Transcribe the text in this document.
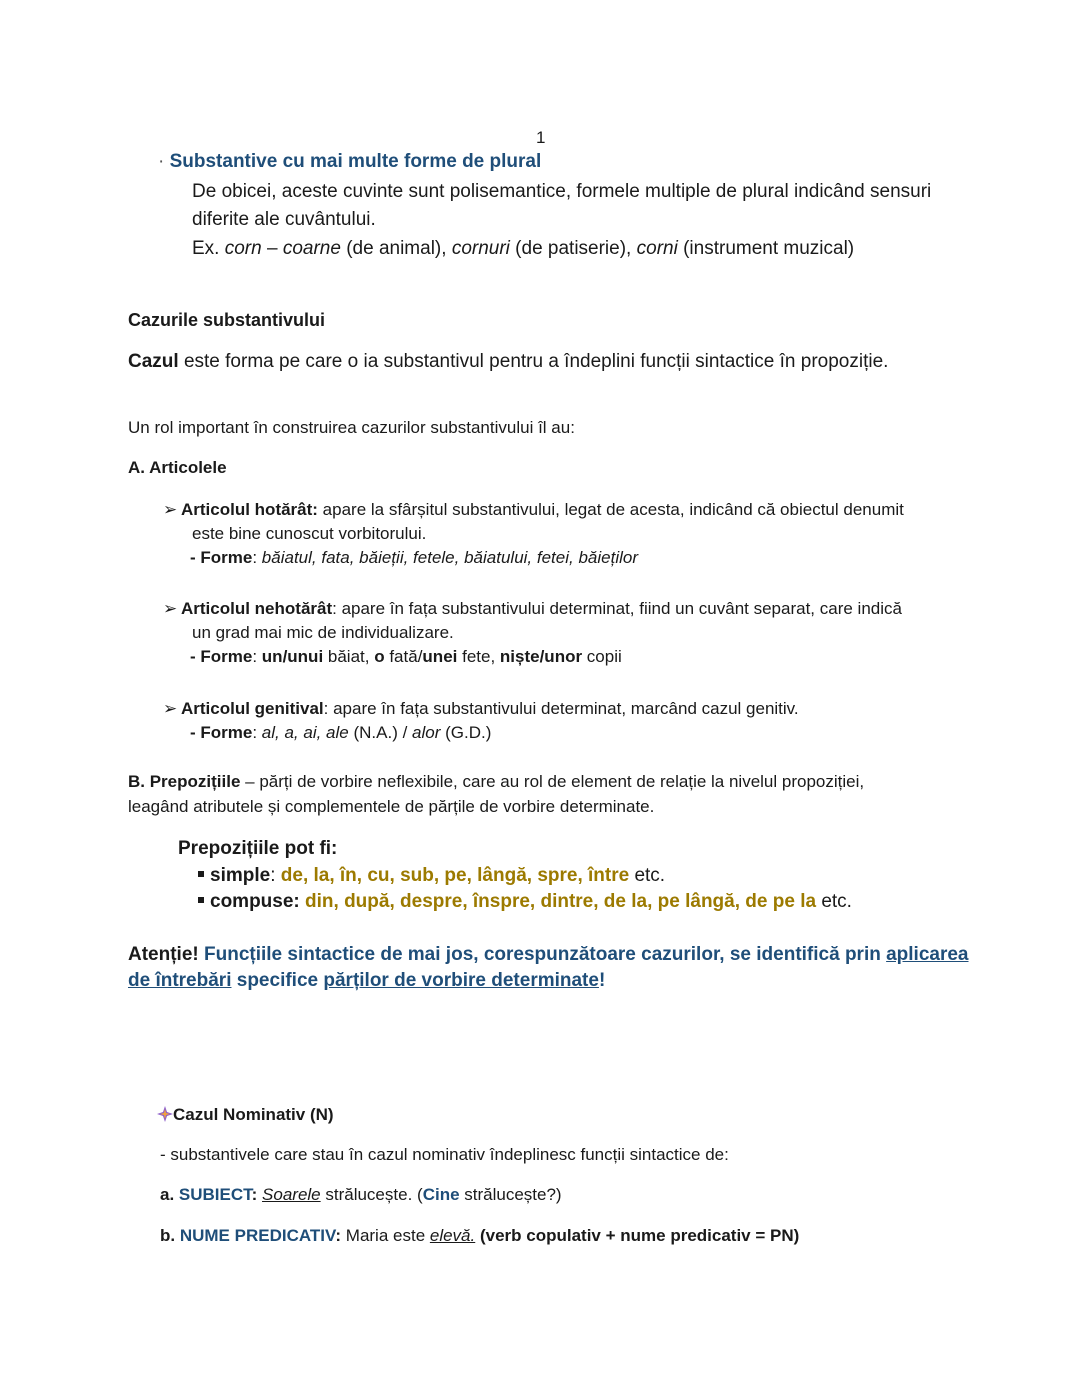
1
· Substantive cu mai multe forme de plural
De obicei, aceste cuvinte sunt polisemantice, formele multiple de plural indicând sensuri
diferite ale cuvântului.
Ex. corn – coarne (de animal), cornuri (de patiserie), corni (instrument muzical)
Cazurile substantivului
Cazul este forma pe care o ia substantivul pentru a îndeplini funcții sintactice în propoziție.
Un rol important în construirea cazurilor substantivului îl au:
A. Articolele
➢ Articolul hotărât: apare la sfârșitul substantivului, legat de acesta, indicând că obiectul denumit
este bine cunoscut vorbitorului.
- Forme: băiatul, fata, băieții, fetele, băiatului, fetei, băieților
➢ Articolul nehotărât: apare în fața substantivului determinat, fiind un cuvânt separat, care indică
un grad mai mic de individualizare.
- Forme: un/unui băiat, o fată/unei fete, niște/unor copii
➢ Articolul genitival: apare în fața substantivului determinat, marcând cazul genitiv.
- Forme: al, a, ai, ale (N.A.) / alor (G.D.)
B. Prepozițiile – părți de vorbire neflexibile, care au rol de element de relație la nivelul propoziției,
leagând atributele și complementele de părțile de vorbire determinate.
Prepozițiile pot fi:
simple: de, la, în, cu, sub, pe, lângă, spre, între etc.
compuse: din, după, despre, înspre, dintre, de la, pe lângă, de pe la etc.
Atenție! Funcțiile sintactice de mai jos, corespunzătoare cazurilor, se identifică prin aplicarea
de întrebări specifice părților de vorbire determinate!
Cazul Nominativ (N)
- substantivele care stau în cazul nominativ îndeplinesc funcții sintactice de:
a. SUBIECT: Soarele strălucește. (Cine strălucește?)
b. NUME PREDICATIV: Maria este elevă. (verb copulativ + nume predicativ = PN)
